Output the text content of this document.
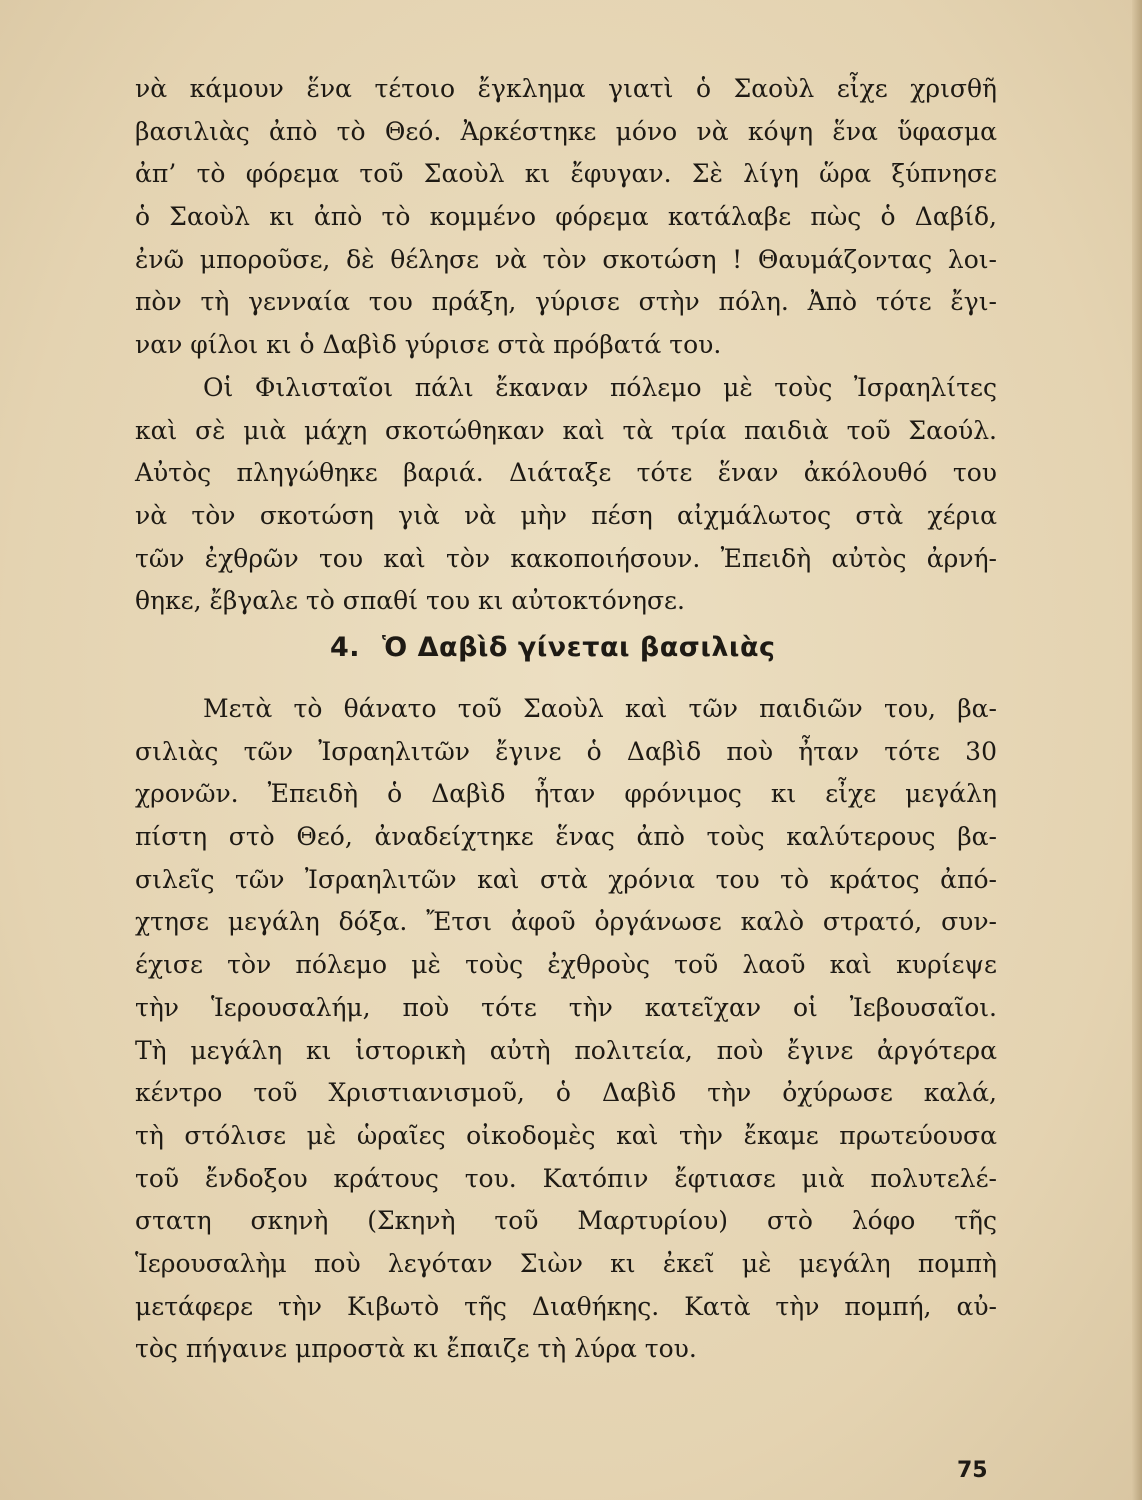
νὰ κάμουν ἕνα τέτοιο ἔγκλημα γιατὶ ὁ Σαοὺλ εἶχε χρισθῆ
βασιλιὰς ἀπὸ τὸ Θεό. Ἀρκέστηκε μόνο νὰ κόψη ἕνα ὕφασμα
ἀπ’ τὸ φόρεμα τοῦ Σαοὺλ κι ἔφυγαν. Σὲ λίγη ὥρα ξύπνησε
ὁ Σαοὺλ κι ἀπὸ τὸ κομμένο φόρεμα κατάλαβε πὼς ὁ Δαβίδ,
ἐνῶ μποροῦσε, δὲ θέλησε νὰ τὸν σκοτώση ! Θαυμάζοντας λοι-
πὸν τὴ γενναία του πράξη, γύρισε στὴν πόλη. Ἀπὸ τότε ἔγι-
ναν φίλοι κι ὁ Δαβὶδ γύρισε στὰ πρόβατά του.
Οἱ Φιλισταῖοι πάλι ἔκαναν πόλεμο μὲ τοὺς Ἰσραηλίτες
καὶ σὲ μιὰ μάχη σκοτώθηκαν καὶ τὰ τρία παιδιὰ τοῦ Σαούλ.
Αὐτὸς πληγώθηκε βαριά. Διάταξε τότε ἕναν ἀκόλουθό του
νὰ τὸν σκοτώση γιὰ νὰ μὴν πέση αἰχμάλωτος στὰ χέρια
τῶν ἐχθρῶν του καὶ τὸν κακοποιήσουν. Ἐπειδὴ αὐτὸς ἀρνή-
θηκε, ἔβγαλε τὸ σπαθί του κι αὐτοκτόνησε.
4. Ὁ Δαβὶδ γίνεται βασιλιὰς
Μετὰ τὸ θάνατο τοῦ Σαοὺλ καὶ τῶν παιδιῶν του, βα-
σιλιὰς τῶν Ἰσραηλιτῶν ἔγινε ὁ Δαβὶδ ποὺ ἦταν τότε 30
χρονῶν. Ἐπειδὴ ὁ Δαβὶδ ἦταν φρόνιμος κι εἶχε μεγάλη
πίστη στὸ Θεό, ἀναδείχτηκε ἕνας ἀπὸ τοὺς καλύτερους βα-
σιλεῖς τῶν Ἰσραηλιτῶν καὶ στὰ χρόνια του τὸ κράτος ἀπό-
χτησε μεγάλη δόξα. Ἔτσι ἀφοῦ ὀργάνωσε καλὸ στρατό, συν-
έχισε τὸν πόλεμο μὲ τοὺς ἐχθροὺς τοῦ λαοῦ καὶ κυρίεψε
τὴν Ἱερουσαλήμ, ποὺ τότε τὴν κατεῖχαν οἱ Ἰεβουσαῖοι.
Τὴ μεγάλη κι ἱστορικὴ αὐτὴ πολιτεία, ποὺ ἔγινε ἀργότερα
κέντρο τοῦ Χριστιανισμοῦ, ὁ Δαβὶδ τὴν ὀχύρωσε καλά,
τὴ στόλισε μὲ ὡραῖες οἰκοδομὲς καὶ τὴν ἔκαμε πρωτεύουσα
τοῦ ἔνδοξου κράτους του. Κατόπιν ἔφτιασε μιὰ πολυτελέ-
στατη σκηνὴ (Σκηνὴ τοῦ Μαρτυρίου) στὸ λόφο τῆς
Ἱερουσαλὴμ ποὺ λεγόταν Σιὼν κι ἐκεῖ μὲ μεγάλη πομπὴ
μετάφερε τὴν Κιβωτὸ τῆς Διαθήκης. Κατὰ τὴν πομπή, αὐ-
τὸς πήγαινε μπροστὰ κι ἔπαιζε τὴ λύρα του.
75
